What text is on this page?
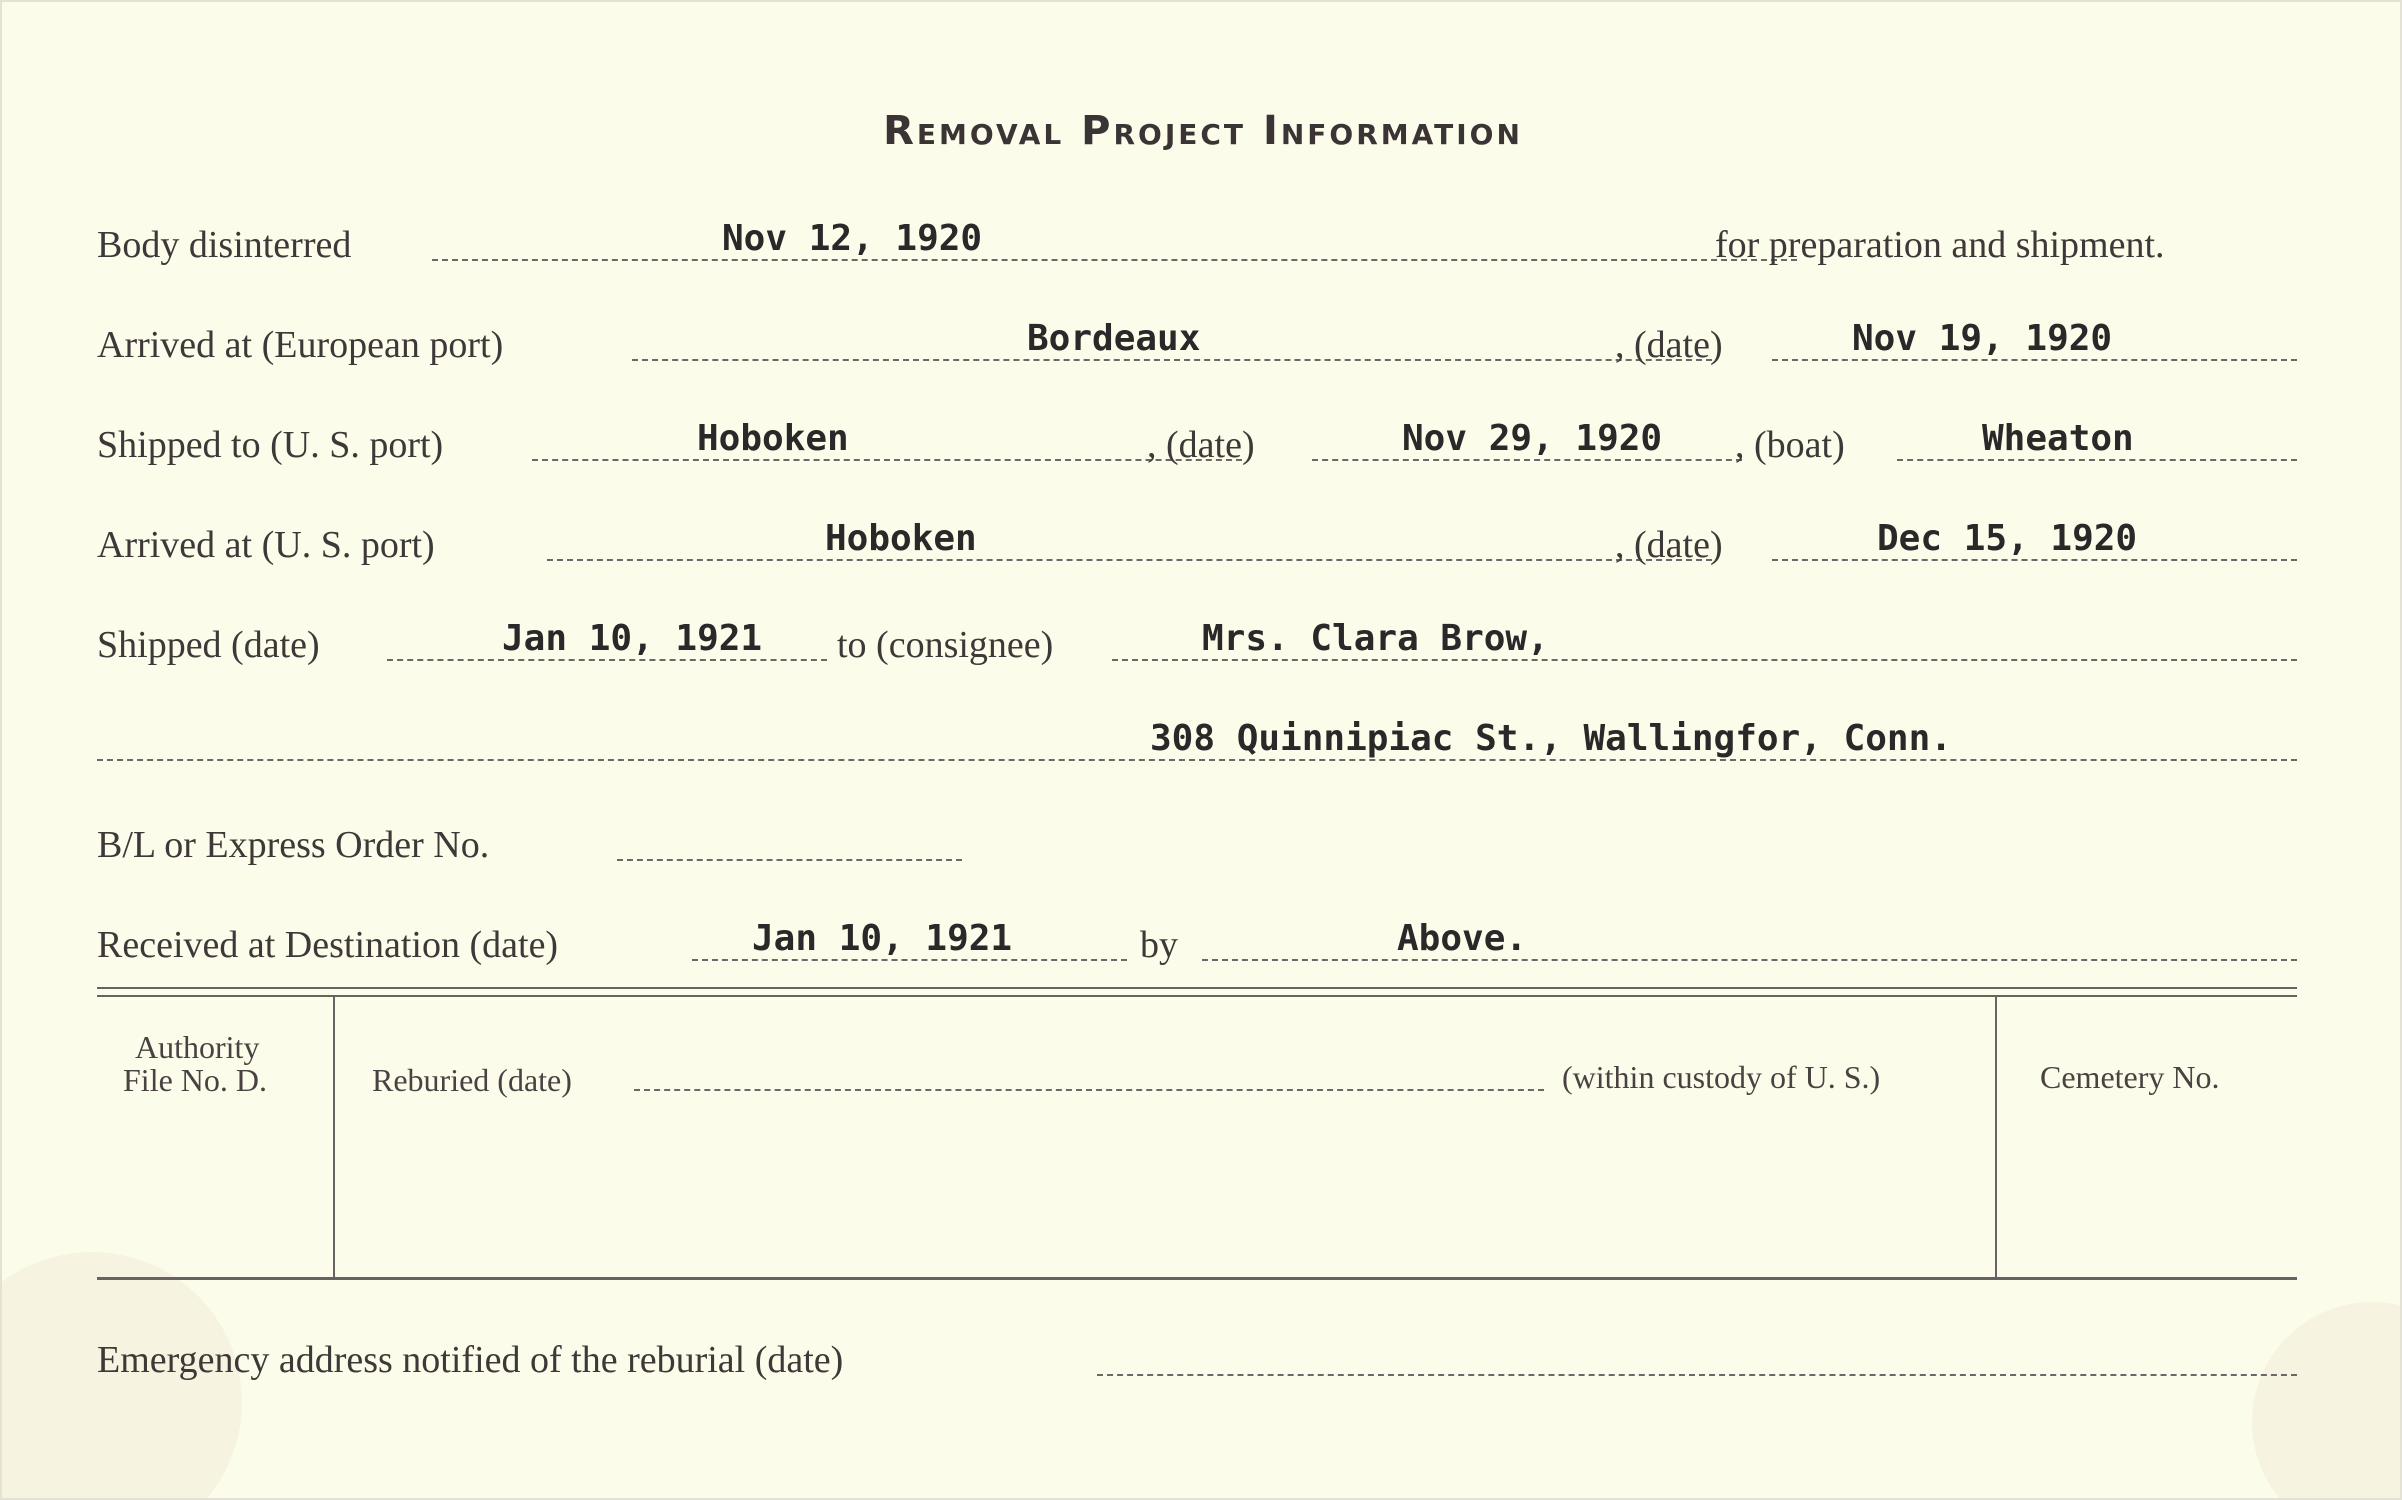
Removal Project Information
Body disinterred	Nov 12, 1920	for preparation and shipment.
Arrived at (European port)	Bordeaux	, (date)	Nov 19, 1920
Shipped to (U. S. port)	Hoboken	, (date)	Nov 29, 1920 , (boat)	Wheaton
Arrived at (U. S. port)	Hoboken	, (date)	Dec 15, 1920
Shipped (date)	Jan 10, 1921 to (consignee)	Mrs. Clara Brow,
308 Quinnipiac St., Wallingfor, Conn.
B/L or Express Order No.
Received at Destination (date)	Jan 10, 1921	by	Above.
Authority
File No. D.	Reburied (date)	(within custody of U. S.)	Cemetery No.
Emergency address notified of the reburial (date)
